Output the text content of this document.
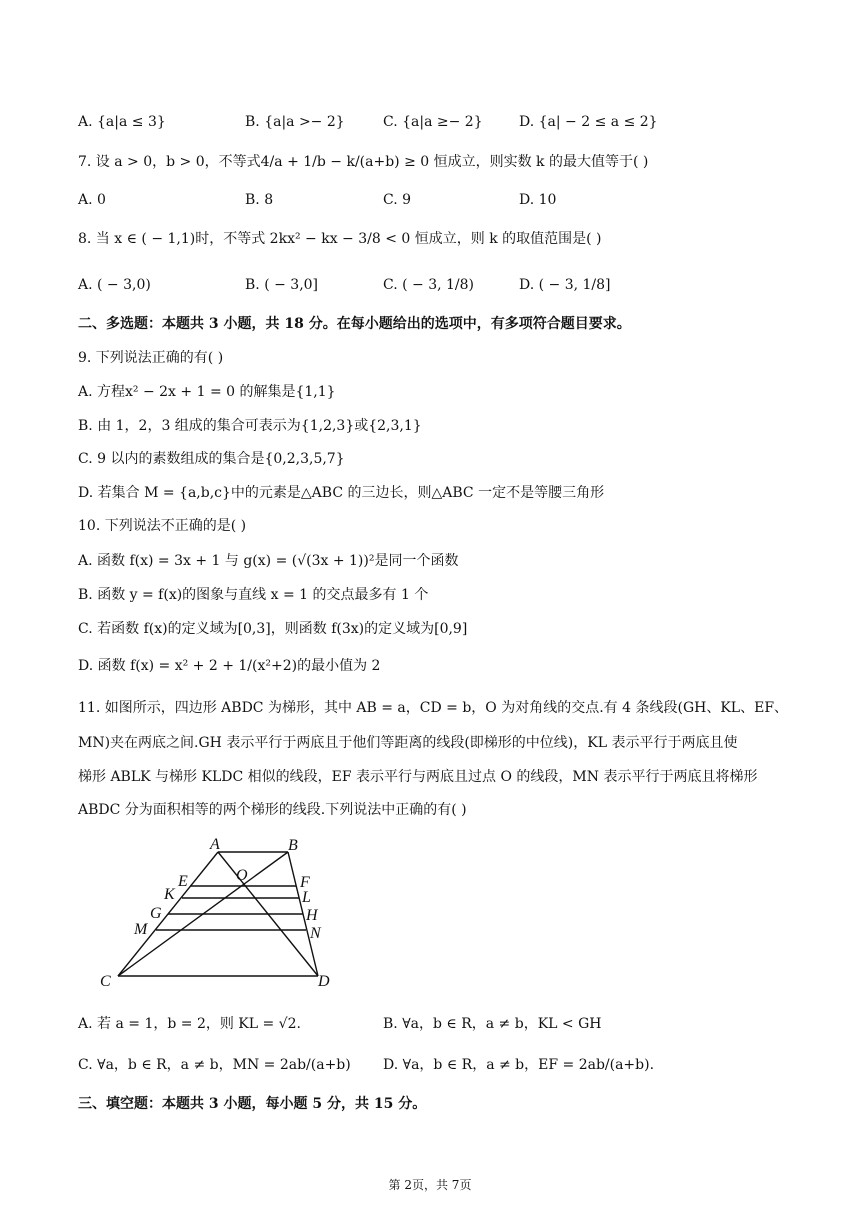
A. {a|a ≤ 3}	B. {a|a >− 2}	C. {a|a ≥− 2}	D. {a| − 2 ≤ a ≤ 2}
7. 设 a > 0，b > 0，不等式4/a + 1/b − k/(a+b) ≥ 0 恒成立，则实数 k 的最大值等于( )
A. 0	B. 8	C. 9	D. 10
8. 当 x ∈ ( − 1,1)时，不等式 2kx² − kx − 3/8 < 0 恒成立，则 k 的取值范围是( )
A. ( − 3,0)	B. ( − 3,0]	C. ( − 3, 1/8)	D. ( − 3, 1/8]
二、多选题：本题共 3 小题，共 18 分。在每小题给出的选项中，有多项符合题目要求。
9. 下列说法正确的有( )
A. 方程x² − 2x + 1 = 0 的解集是{1,1}
B. 由 1，2，3 组成的集合可表示为{1,2,3}或{2,3,1}
C. 9 以内的素数组成的集合是{0,2,3,5,7}
D. 若集合 M = {a,b,c}中的元素是△ABC 的三边长，则△ABC 一定不是等腰三角形
10. 下列说法不正确的是( )
A. 函数 f(x) = 3x + 1 与 g(x) = (√(3x + 1))²是同一个函数
B. 函数 y = f(x)的图象与直线 x = 1 的交点最多有 1 个
C. 若函数 f(x)的定义域为[0,3]，则函数 f(3x)的定义域为[0,9]
D. 函数 f(x) = x² + 2 + 1/(x²+2)的最小值为 2
11. 如图所示，四边形 ABDC 为梯形，其中 AB = a，CD = b，O 为对角线的交点.有 4 条线段(GH、KL、EF、
MN)夹在两底之间.GH 表示平行于两底且于他们等距离的线段(即梯形的中位线)，KL 表示平行于两底且使
梯形 ABLK 与梯形 KLDC 相似的线段，EF 表示平行与两底且过点 O 的线段，MN 表示平行于两底且将梯形
ABDC 分为面积相等的两个梯形的线段.下列说法中正确的有( )
A	B
E	O	F
K	L
G	H
M	N
C	D
A. 若 a = 1，b = 2，则 KL = √2.	B. ∀a，b ∈ R，a ≠ b，KL < GH
C. ∀a，b ∈ R，a ≠ b，MN = 2ab/(a+b) D. ∀a，b ∈ R，a ≠ b，EF = 2ab/(a+b).
三、填空题：本题共 3 小题，每小题 5 分，共 15 分。
第 2页，共 7页
